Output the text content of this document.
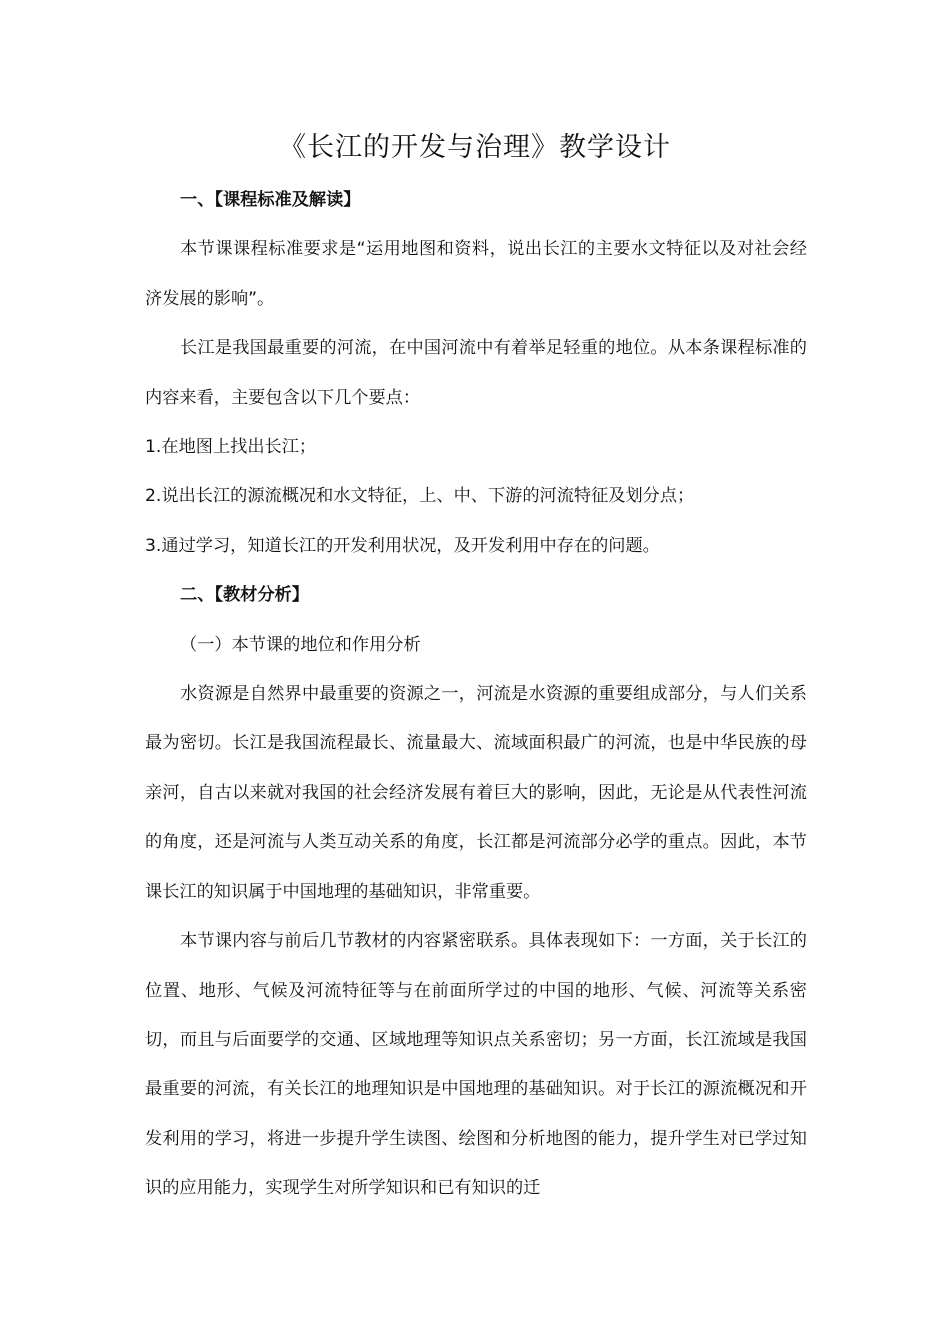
《长江的开发与治理》教学设计

一、【课程标准及解读】

本节课课程标准要求是“运用地图和资料，说出长江的主要水文特征以及对社会经济发展的影响”。

长江是我国最重要的河流，在中国河流中有着举足轻重的地位。从本条课程标准的内容来看，主要包含以下几个要点：

1.在地图上找出长江；

2.说出长江的源流概况和水文特征，上、中、下游的河流特征及划分点；

3.通过学习，知道长江的开发利用状况，及开发利用中存在的问题。

二、【教材分析】

（一）本节课的地位和作用分析

水资源是自然界中最重要的资源之一，河流是水资源的重要组成部分，与人们关系最为密切。长江是我国流程最长、流量最大、流域面积最广的河流，也是中华民族的母亲河，自古以来就对我国的社会经济发展有着巨大的影响，因此，无论是从代表性河流的角度，还是河流与人类互动关系的角度，长江都是河流部分必学的重点。因此，本节课长江的知识属于中国地理的基础知识，非常重要。

本节课内容与前后几节教材的内容紧密联系。具体表现如下：一方面，关于长江的位置、地形、气候及河流特征等与在前面所学过的中国的地形、气候、河流等关系密切，而且与后面要学的交通、区域地理等知识点关系密切；另一方面，长江流域是我国最重要的河流，有关长江的地理知识是中国地理的基础知识。对于长江的源流概况和开发利用的学习，将进一步提升学生读图、绘图和分析地图的能力，提升学生对已学过知识的应用能力，实现学生对所学知识和已有知识的迁
